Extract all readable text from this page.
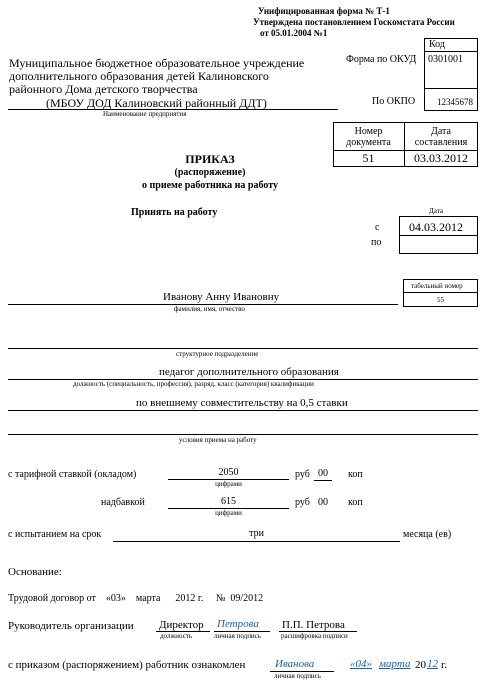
Унифицированная форма № Т-1
Утверждена постановлением Госкомстата России
от 05.01.2004 №1
Муниципальное бюджетное образовательное учреждение
дополнительного образования детей Калиновского
районного Дома детского творчества
(МБОУ ДОД Калиновский районный ДДТ)
Наименование предприятия
Код
Форма по ОКУД 0301001
По ОКПО 12345678
Номер
документа
Дата
составления
51	03.03.2012
ПРИКАЗ
(распоряжение)
о приеме работника на работу
Принять на работу	Дата
с 04.03.2012
по
табельный номер
55
Иванову Анну Ивановну
фамилия, имя, отчество
структурное подразделение
педагог дополнительного образования
должность (специальность, профессия), разряд, класс (категория) квалификации
по внешнему совместительству на 0,5 ставки
условия приема на работу
с тарифной ставкой (окладом)	2050
цифрами
руб 00	коп
надбавкой	615
цифрами
руб 00	коп
с испытанием на срок	три	месяца (ев)
Основание:
Трудовой договор от    «03»    марта      2012 г.     №  09/2012
Руководитель организации Директор Петрова П.П. Петрова
должность	личная подпись	расшифровка подписи
с приказом (распоряжением) работник ознакомлен	Иванова
личная подпись
«04» марта 20 12 г.
